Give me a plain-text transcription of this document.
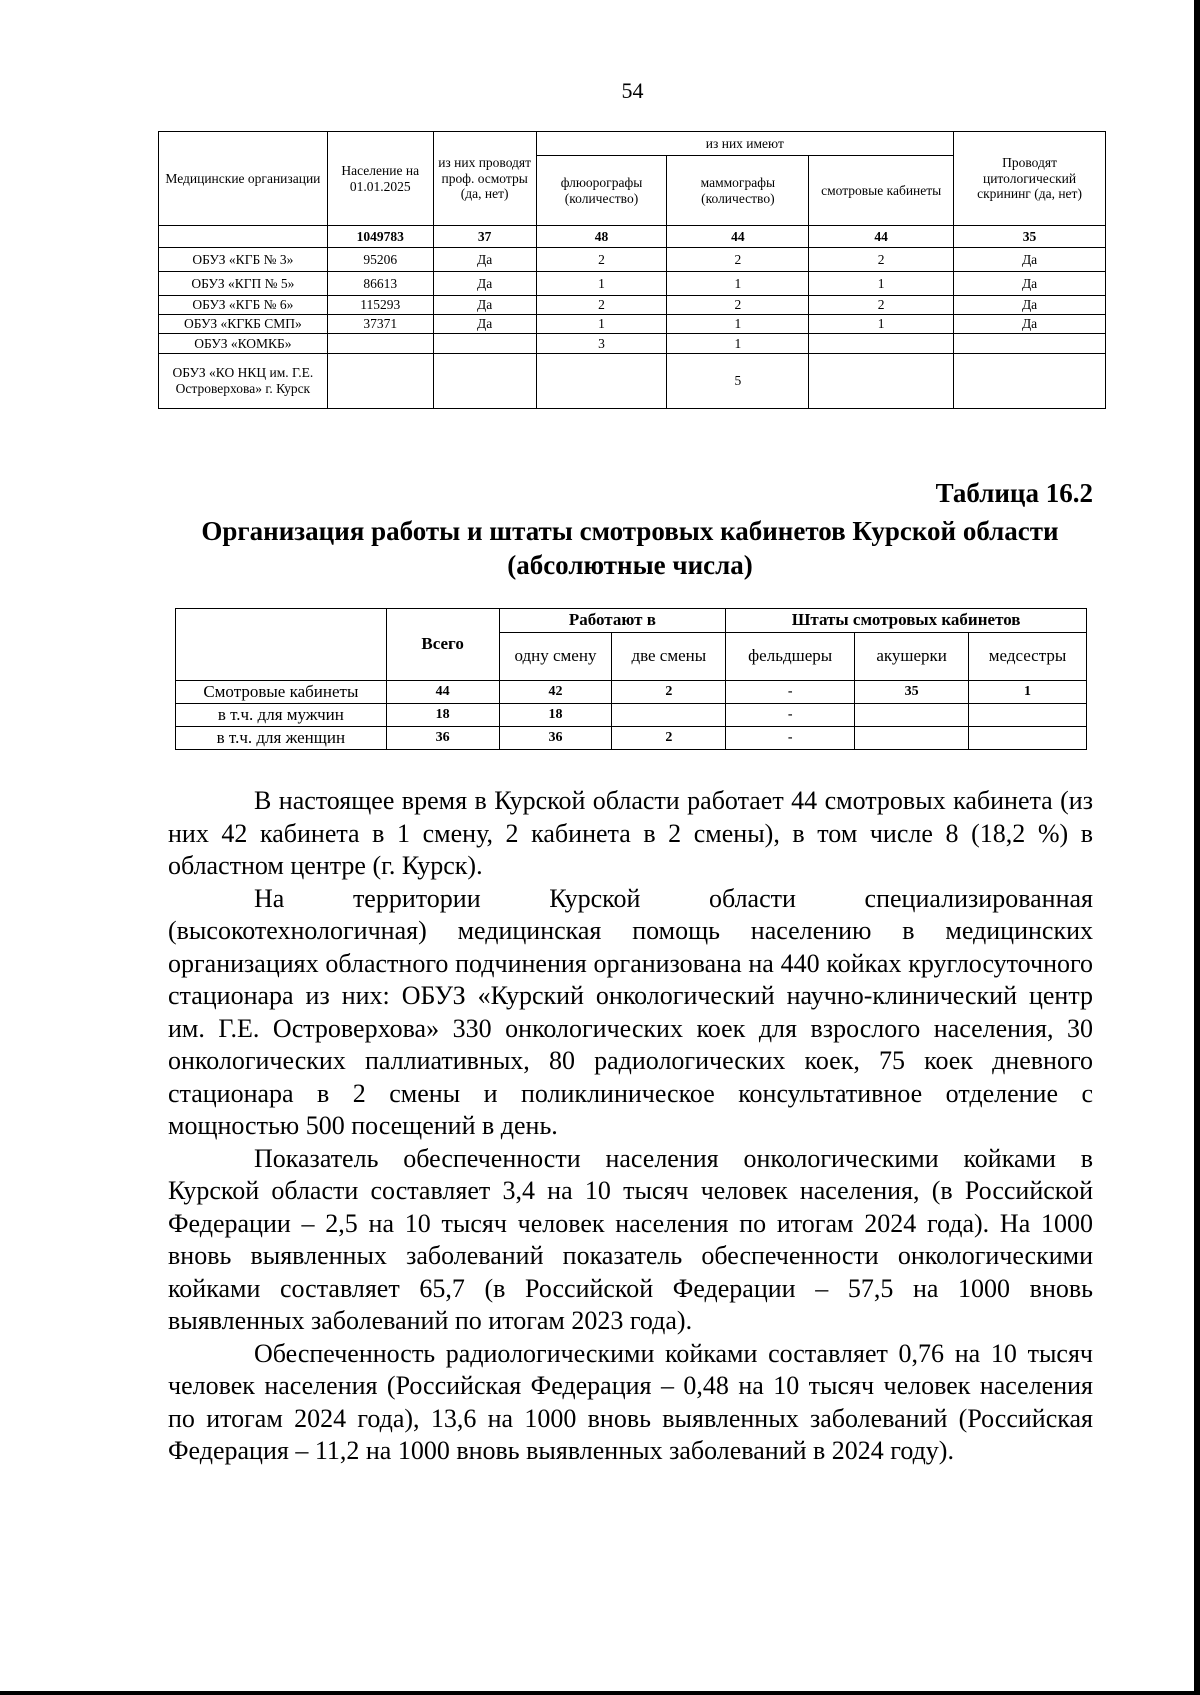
54
Медицинские организации	Население на 01.01.2025	из них проводят проф. осмотры (да, нет)	из них имеют			Проводят цитологический скрининг (да, нет)
			флюорографы (количество)	маммографы (количество)	смотровые кабинеты	
	1049783	37	48	44	44	35
ОБУЗ «КГБ № 3»	95206	Да	2	2	2	Да
ОБУЗ «КГП № 5»	86613	Да	1	1	1	Да
ОБУЗ «КГБ № 6»	115293	Да	2	2	2	Да
ОБУЗ «КГКБ СМП»	37371	Да	1	1	1	Да
ОБУЗ «КОМКБ»			3	1		
ОБУЗ «КО НКЦ им. Г.Е. Островерхова» г. Курск				5		
Таблица 16.2
Организация работы и штаты смотровых кабинетов Курской области
(абсолютные числа)
	Всего	Работают в		Штаты смотровых кабинетов		
		одну смену	две смены	фельдшеры	акушерки	медсестры
Смотровые кабинеты	44	42	2	-	35	1
в т.ч. для мужчин	18	18		-		
в т.ч. для женщин	36	36	2	-		

В настоящее время в Курской области работает 44 смотровых кабинета (из них 42 кабинета в 1 смену, 2 кабинета в 2 смены), в том числе 8 (18,2 %) в областном центре (г. Курск).

На территории Курской области специализированная (высокотехнологичная) медицинская помощь населению в медицинских организациях областного подчинения организована на 440 койках круглосуточного стационара из них: ОБУЗ «Курский онкологический научно-клинический центр им. Г.Е. Островерхова» 330 онкологических коек для взрослого населения, 30 онкологических паллиативных, 80 радиологических коек, 75 коек дневного стационара в 2 смены и поликлиническое консультативное отделение с мощностью 500 посещений в день.

Показатель обеспеченности населения онкологическими койками в Курской области составляет 3,4 на 10 тысяч человек населения, (в Российской Федерации – 2,5 на 10 тысяч человек населения по итогам 2024 года). На 1000 вновь выявленных заболеваний показатель обеспеченности онкологическими койками составляет 65,7 (в Российской Федерации – 57,5 на 1000 вновь выявленных заболеваний по итогам 2023 года).

Обеспеченность радиологическими койками составляет 0,76 на 10 тысяч человек населения (Российская Федерация – 0,48 на 10 тысяч человек населения по итогам 2024 года), 13,6 на 1000 вновь выявленных заболеваний (Российская Федерация – 11,2 на 1000 вновь выявленных заболеваний в 2024 году).
